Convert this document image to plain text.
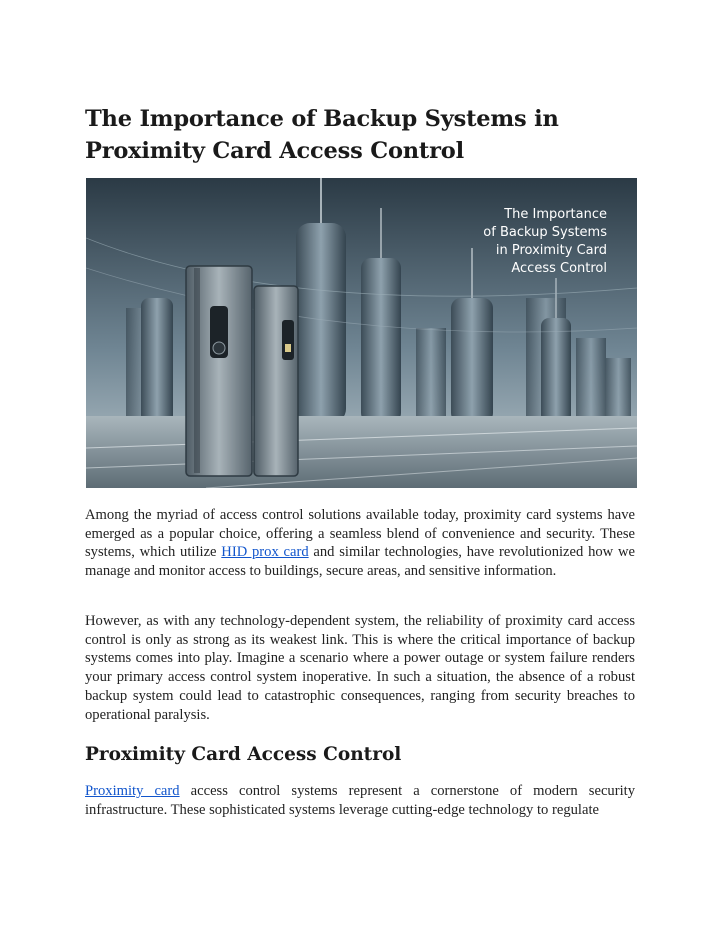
The Importance of Backup Systems in Proximity Card Access Control
The Importance
of Backup Systems
in Proximity Card
Access Control

Among the myriad of access control solutions available today, proximity card systems have emerged as a popular choice, offering a seamless blend of convenience and security. These systems, which utilize HID prox card and similar technologies, have revolutionized how we manage and monitor access to buildings, secure areas, and sensitive information.

However, as with any technology-dependent system, the reliability of proximity card access control is only as strong as its weakest link. This is where the critical importance of backup systems comes into play. Imagine a scenario where a power outage or system failure renders your primary access control system inoperative. In such a situation, the absence of a robust backup system could lead to catastrophic consequences, ranging from security breaches to operational paralysis.

Proximity Card Access Control

Proximity card access control systems represent a cornerstone of modern security infrastructure. These sophisticated systems leverage cutting-edge technology to regulate
